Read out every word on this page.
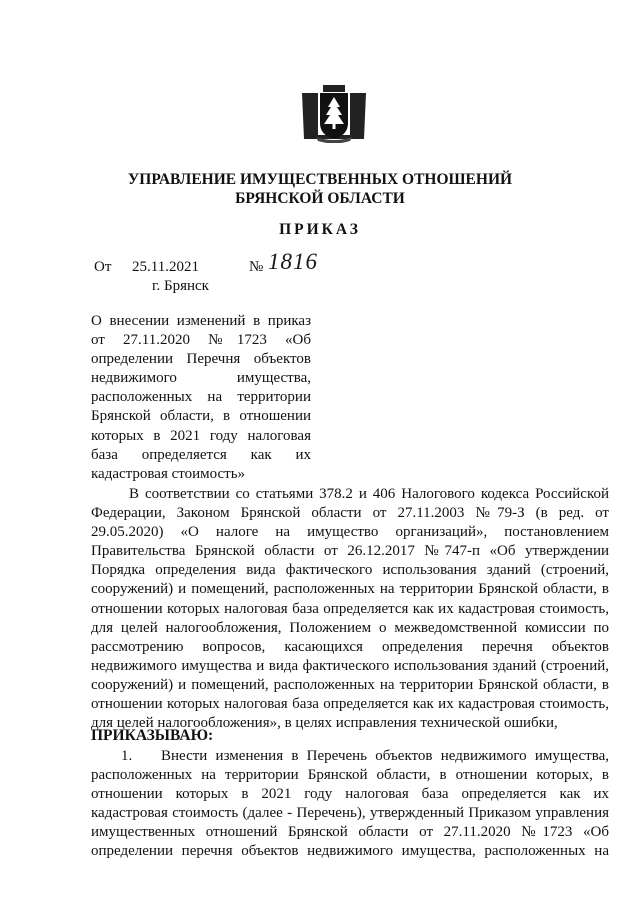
УПРАВЛЕНИЕ ИМУЩЕСТВЕННЫХ ОТНОШЕНИЙ
БРЯНСКОЙ ОБЛАСТИ
ПРИКАЗ
От 25.11.2021	№ 1816
г. Брянск
О внесении изменений в приказ
от 27.11.2020 №1723 «Об
определении Перечня объектов
недвижимого имущества,
расположенных на территории
Брянской области, в отношении
которых в 2021 году налоговая
база определяется как их
кадастровая стоимость»
В соответствии со статьями 378.2 и 406 Налогового кодекса Российской
Федерации, Законом Брянской области от 27.11.2003 №79-З (в ред. от
29.05.2020) «О налоге на имущество организаций», постановлением
Правительства Брянской области от 26.12.2017 №747-п «Об утверждении
Порядка определения вида фактического использования зданий (строений,
сооружений) и помещений, расположенных на территории Брянской области, в
отношении которых налоговая база определяется как их кадастровая стоимость,
для целей налогообложения, Положением о межведомственной комиссии по
рассмотрению вопросов, касающихся определения перечня объектов
недвижимого имущества и вида фактического использования зданий (строений,
сооружений) и помещений, расположенных на территории Брянской области, в
отношении которых налоговая база определяется как их кадастровая стоимость,
для целей налогообложения», в целях исправления технической ошибки,
ПРИКАЗЫВАЮ:
1. Внести изменения в Перечень объектов недвижимого имущества,
расположенных на территории Брянской области, в отношении которых, в
отношении которых в 2021 году налоговая база определяется как их
кадастровая стоимость (далее - Перечень), утвержденный Приказом управления
имущественных отношений Брянской области от 27.11.2020 №1723 «Об
определении перечня объектов недвижимого имущества, расположенных на
